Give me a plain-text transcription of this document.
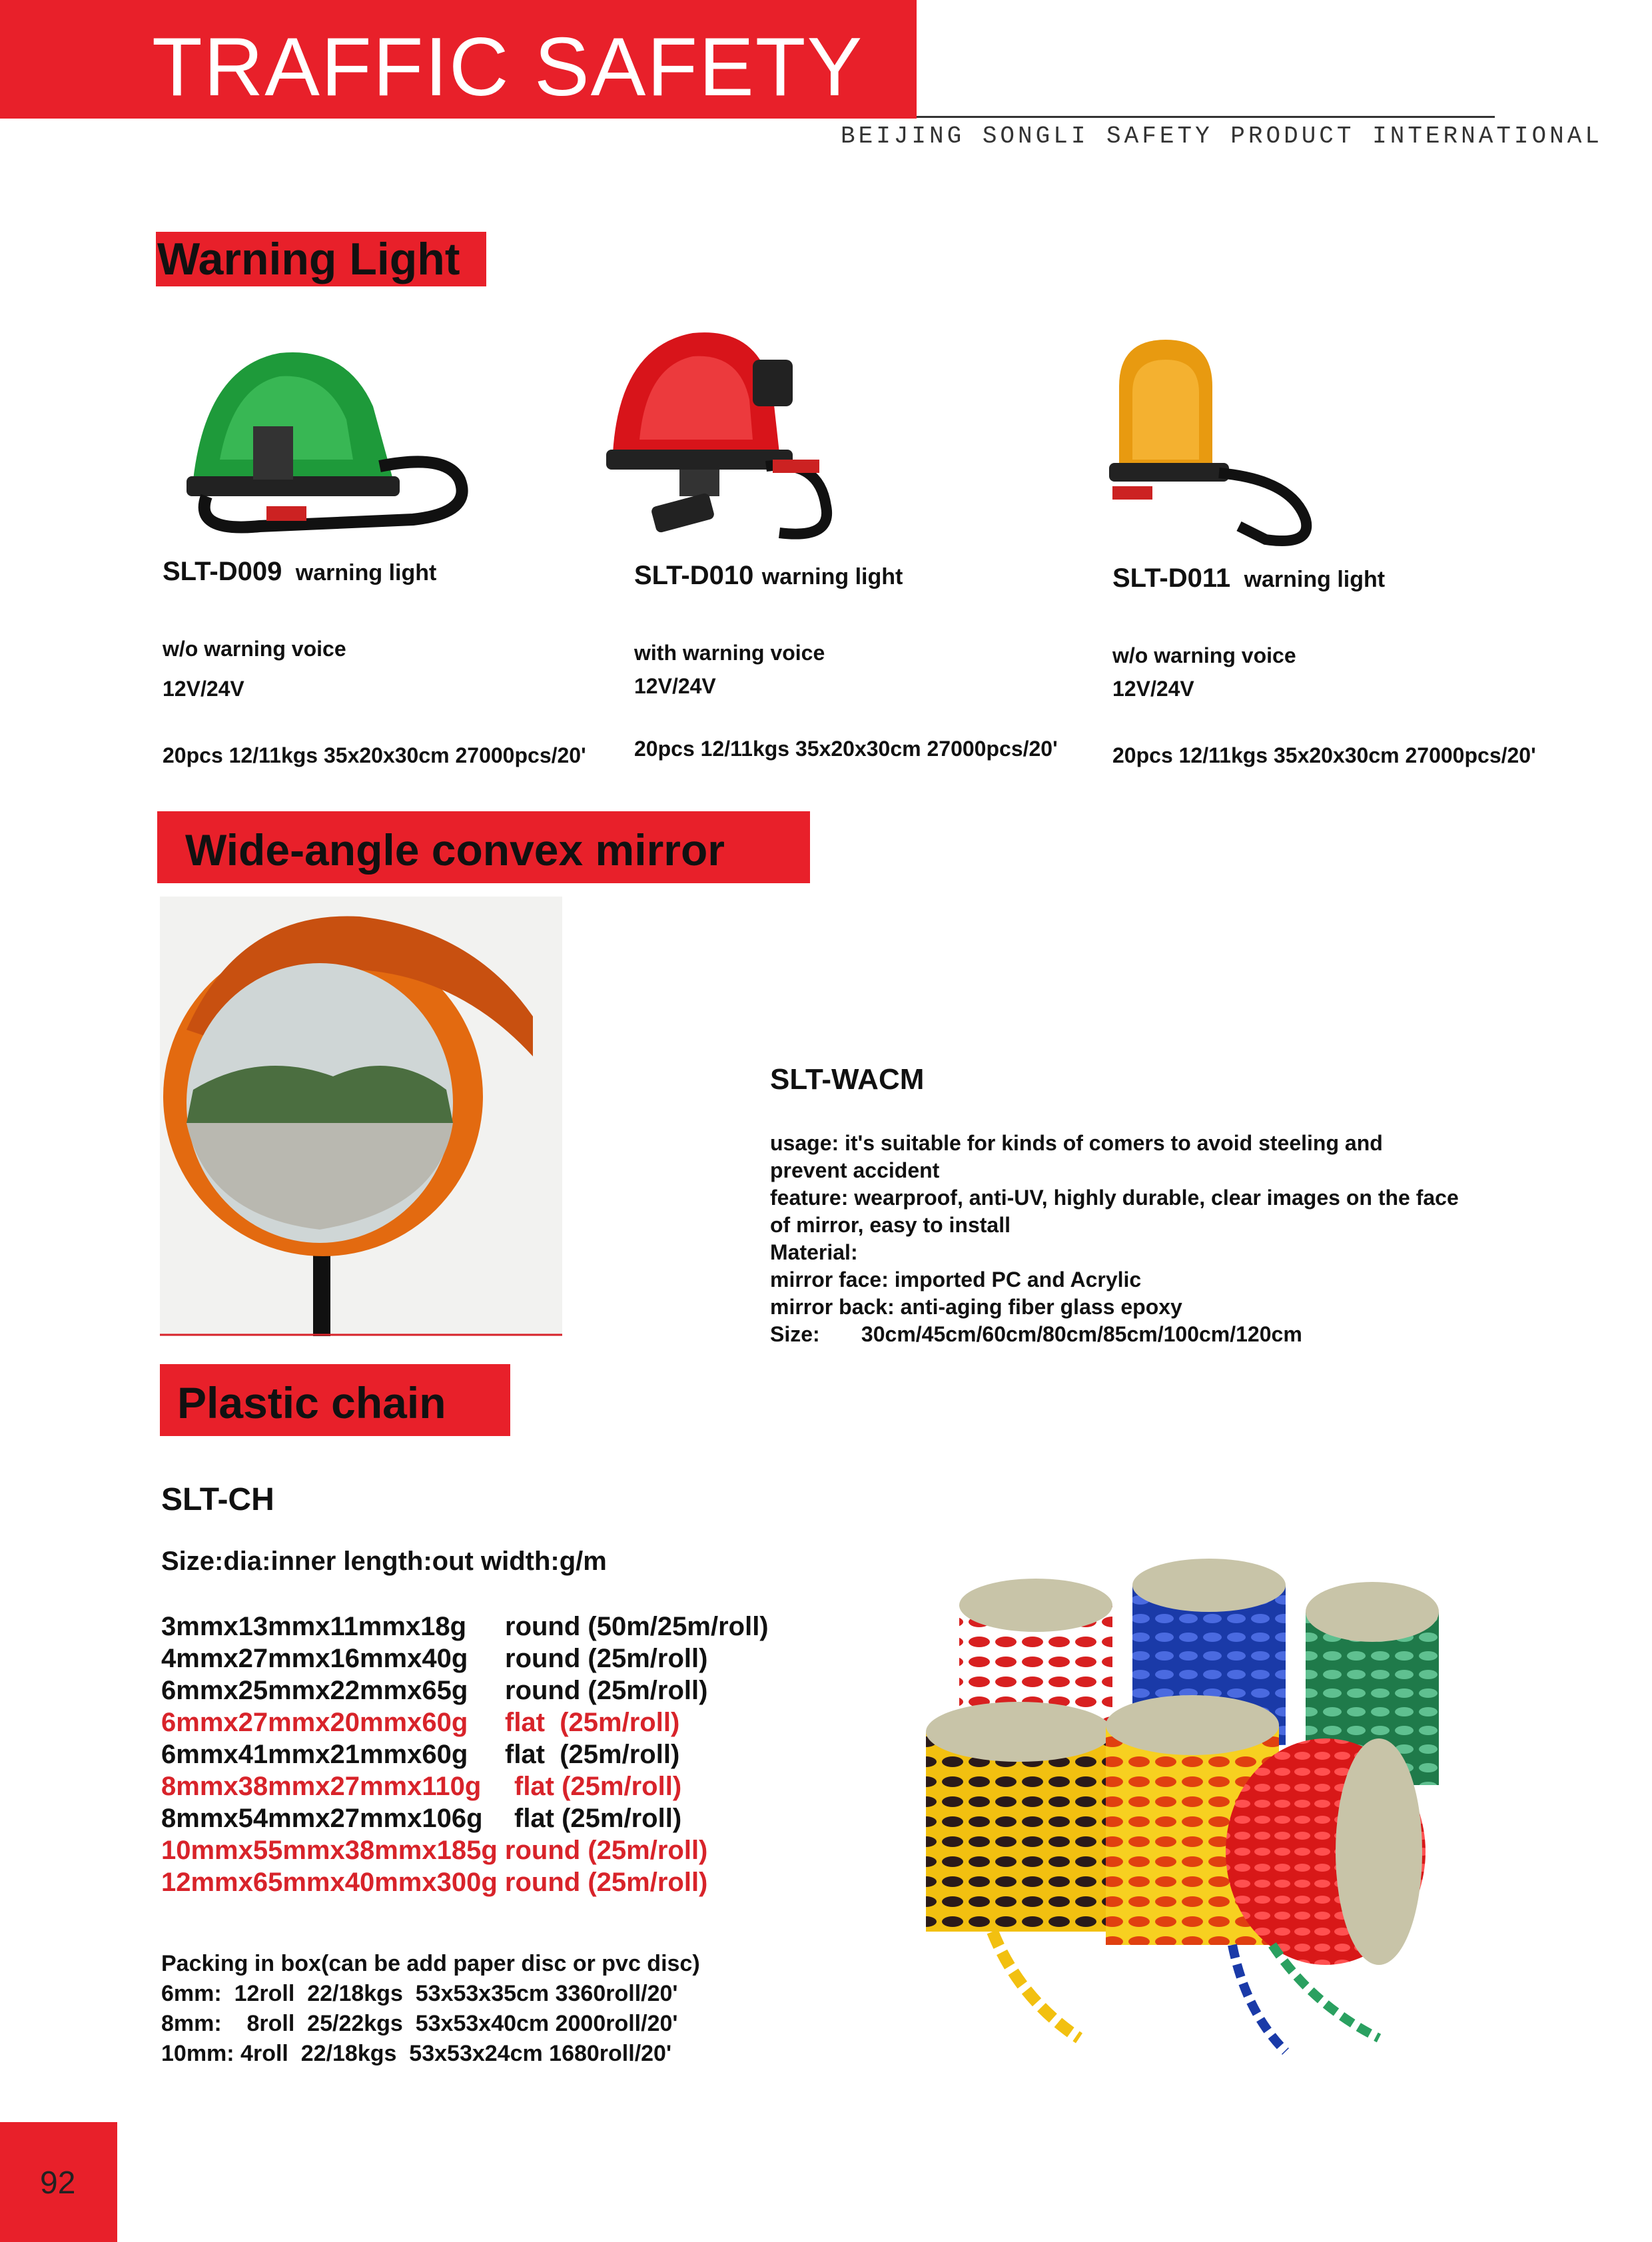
TRAFFIC SAFETY
BEIJING SONGLI SAFETY PRODUCT INTERNATIONAL
Warning Light
SLT-D009 warning light
w/o warning voice
12V/24V
20pcs 12/11kgs 35x20x30cm 27000pcs/20'
SLT-D010 warning light
with warning voice
12V/24V
20pcs 12/11kgs 35x20x30cm 27000pcs/20'
SLT-D011 warning light
w/o warning voice
12V/24V
20pcs 12/11kgs 35x20x30cm 27000pcs/20'
Wide-angle convex mirror
SLT-WACM
usage: it's suitable for kinds of comers to avoid steeling and
prevent accident
feature: wearproof, anti-UV, highly durable, clear images on the face
of mirror, easy to install
Material:
mirror face: imported PC and Acrylic
mirror back: anti-aging fiber glass epoxy
Size:       30cm/45cm/60cm/80cm/85cm/100cm/120cm
Plastic chain
SLT-CH
Size:dia:inner length:out width:g/m
3mmx13mmx11mmx18g round (50m/25m/roll)
4mmx27mmx16mmx40g round (25m/roll)
6mmx25mmx22mmx65g round (25m/roll)
6mmx27mmx20mmx60g flat  (25m/roll)
6mmx41mmx21mmx60g flat  (25m/roll)
8mmx38mmx27mmx110g flat (25m/roll)
8mmx54mmx27mmx106g flat (25m/roll)
10mmx55mmx38mmx185g round (25m/roll)
12mmx65mmx40mmx300g round (25m/roll)
Packing in box(can be add paper disc or pvc disc)
6mm:  12roll  22/18kgs  53x53x35cm 3360roll/20'
8mm:    8roll  25/22kgs  53x53x40cm 2000roll/20'
10mm: 4roll  22/18kgs  53x53x24cm 1680roll/20'
92
